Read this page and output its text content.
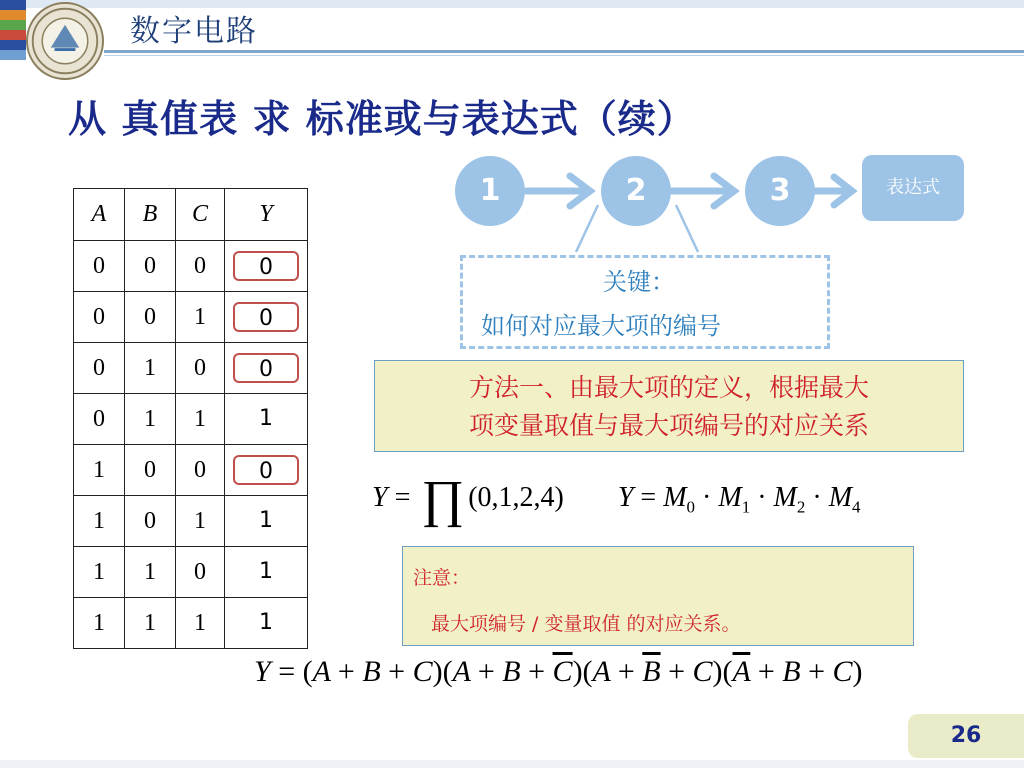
数字电路
从 真值表 求 标准或与表达式（续）
A	B	C	Y
0	0	0	0
0	0	1	0
0	1	0	0
0	1	1	1
1	0	0	0
1	0	1	1
1	1	0	1
1	1	1	1
1	2	3	表达式
关键：
如何对应最大项的编号
方法一、由最大项的定义，根据最大
项变量取值与最大项编号的对应关系
Y = ∏ (0,1,2,4) $Y = M_0 \cdot M_1 \cdot M_2 \cdot M_4$
注意：
最大项编号 / 变量取值 的对应关系。
$Y = (A + B + C)(A + B + \overline{C})(A + \overline{B} + C)(\overline{A} + B + C)$
26
